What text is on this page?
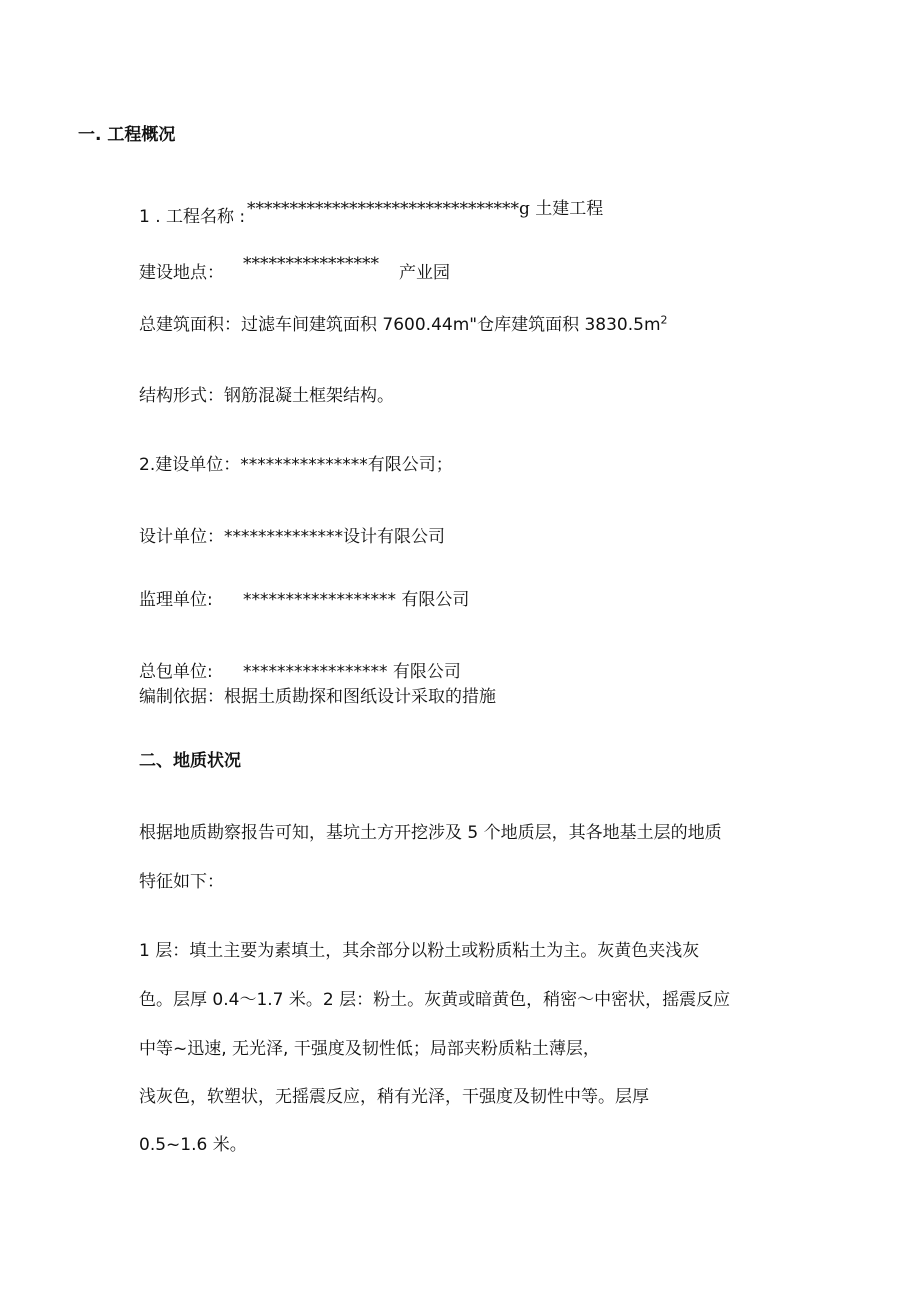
一. 工程概况
1 . 工程名称 : ********************************g 土建工程
建设地点： **************** 产业园
总建筑面积：过滤车间建筑面积 7600.44m"仓库建筑面积 $3830.5m^2$
结构形式：钢筋混凝土框架结构。
2.建设单位：***************有限公司；
设计单位：**************设计有限公司
监理单位: ****************** 有限公司
总包单位: ***************** 有限公司
编制依据：根据土质勘探和图纸设计采取的措施
二、地质状况
根据地质勘察报告可知，基坑土方开挖涉及 5 个地质层，其各地基土层的地质
特征如下：
1 层：填土主要为素填土，其余部分以粉土或粉质粘土为主。灰黄色夹浅灰
色。层厚 0.4～1.7 米。2 层：粉土。灰黄或暗黄色，稍密～中密状，摇震反应
中等~迅速, 无光泽, 干强度及韧性低；局部夹粉质粘土薄层，
浅灰色，软塑状，无摇震反应，稍有光泽，干强度及韧性中等。层厚
0.5~1.6 米。
